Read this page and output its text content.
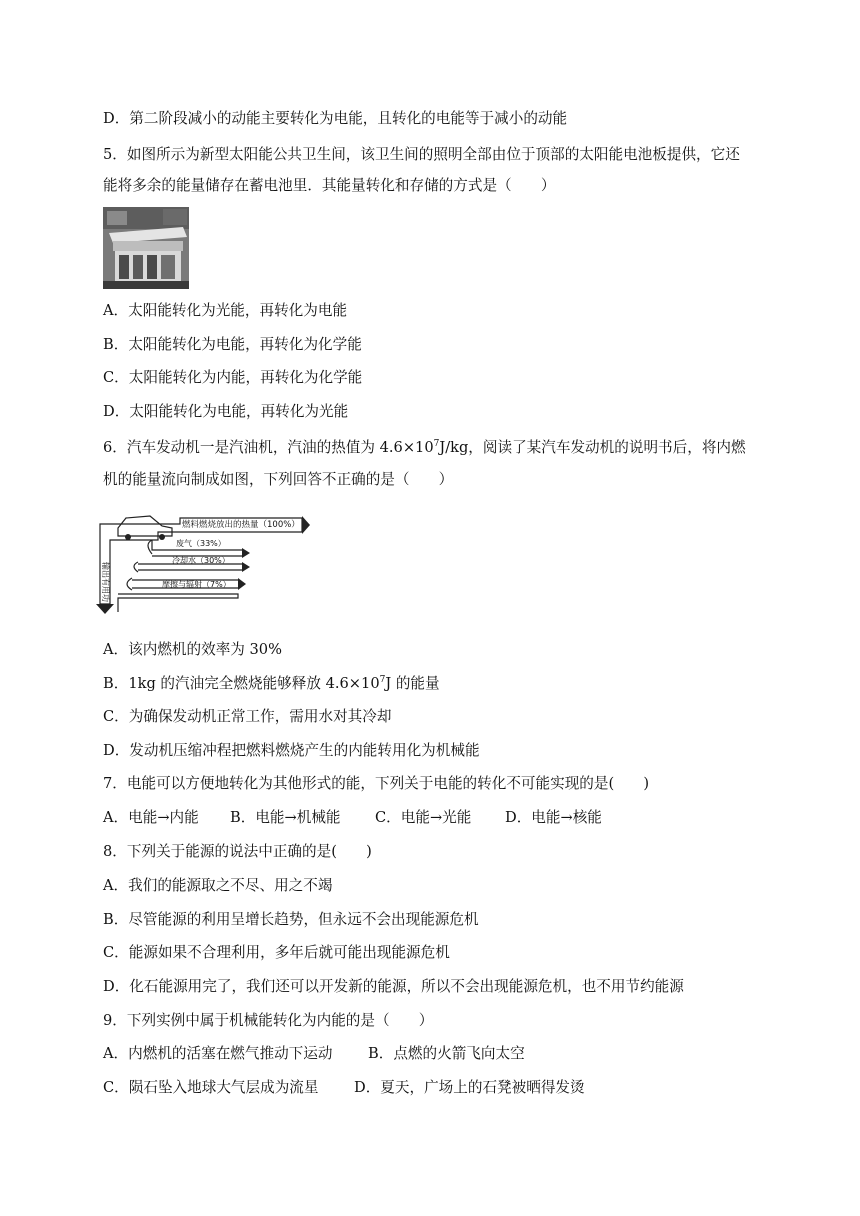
D．第二阶段减小的动能主要转化为电能，且转化的电能等于减小的动能
5．如图所示为新型太阳能公共卫生间，该卫生间的照明全部由位于顶部的太阳能电池板提供，它还
能将多余的能量储存在蓄电池里．其能量转化和存储的方式是（　　）
A．太阳能转化为光能，再转化为电能
B．太阳能转化为电能，再转化为化学能
C．太阳能转化为内能，再转化为化学能
D．太阳能转化为电能，再转化为光能
6．汽车发动机一是汽油机，汽油的热值为 $4.6\times 10^7J/kg$，阅读了某汽车发动机的说明书后，将内燃
机的能量流向制成如图，下列回答不正确的是（　　）
燃料燃烧放出的热量（100%）
废气（33%）
冷却水（30%）
摩擦与辐射（7%）
输出有用功
A．该内燃机的效率为 30%
B．1kg 的汽油完全燃烧能够释放 $4.6\times 10^7J$ 的能量
C．为确保发动机正常工作，需用水对其冷却
D．发动机压缩冲程把燃料燃烧产生的内能转用化为机械能
7．电能可以方便地转化为其他形式的能，下列关于电能的转化不可能实现的是(　　)
A．电能→内能	B．电能→机械能	C．电能→光能	D．电能→核能
8．下列关于能源的说法中正确的是(　　)
A．我们的能源取之不尽、用之不竭
B．尽管能源的利用呈增长趋势，但永远不会出现能源危机
C．能源如果不合理利用，多年后就可能出现能源危机
D．化石能源用完了，我们还可以开发新的能源，所以不会出现能源危机，也不用节约能源
9．下列实例中属于机械能转化为内能的是（　　）
A．内燃机的活塞在燃气推动下运动	B．点燃的火箭飞向太空
C．陨石坠入地球大气层成为流星	D．夏天，广场上的石凳被晒得发烫
